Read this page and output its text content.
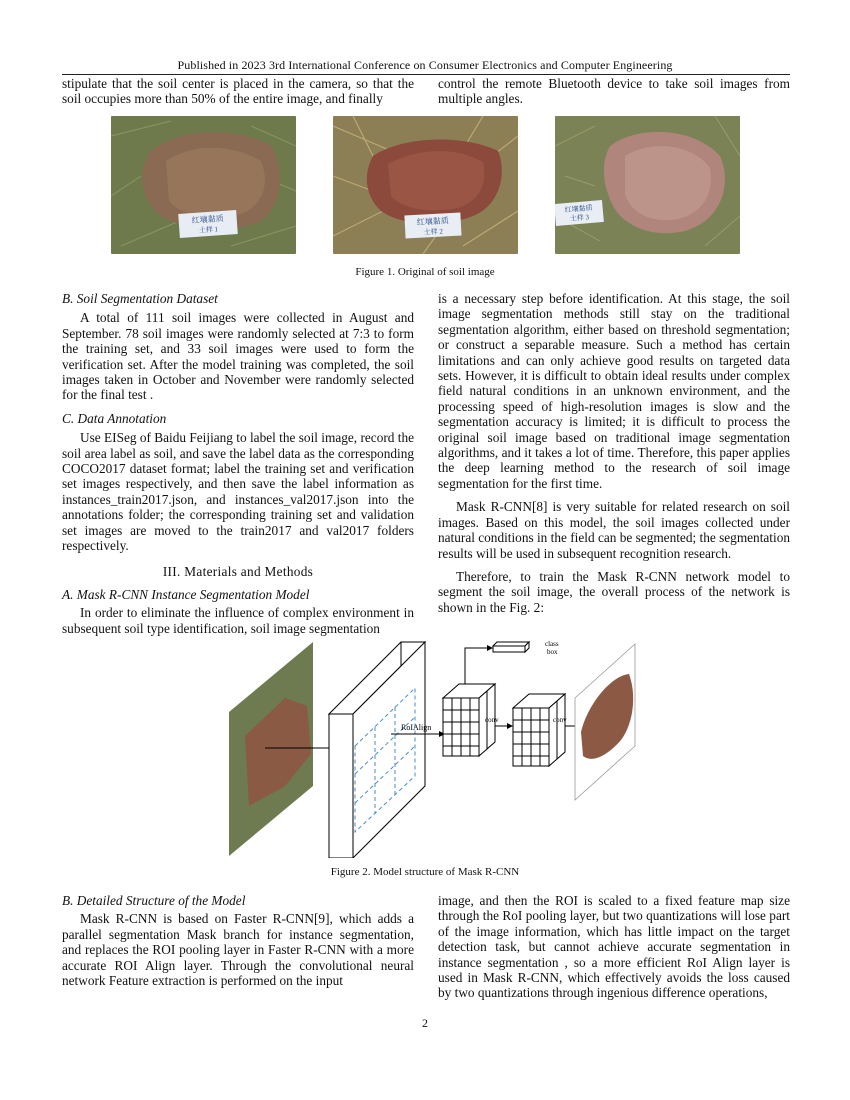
Published in 2023 3rd International Conference on Consumer Electronics and Computer Engineering

stipulate that the soil center is placed in the camera, so that the soil occupies more than 50% of the entire image, and finally

control the remote Bluetooth device to take soil images from multiple angles.

红壤黏质
土样 1
红壤黏质
土样 2
红壤黏质
土样 3
Figure 1. Original of soil image

B. Soil Segmentation Dataset

A total of 111 soil images were collected in August and September. 78 soil images were randomly selected at 7:3 to form the training set, and 33 soil images were used to form the verification set. After the model training was completed, the soil images taken in October and November were randomly selected for the final test .

C. Data Annotation

Use EISeg of Baidu Feijiang to label the soil image, record the soil area label as soil, and save the label data as the corresponding COCO2017 dataset format; label the training set and verification set images respectively, and then save the label information as instances_train2017.json, and instances_val2017.json into the annotations folder; the corresponding training set and validation set images are moved to the train2017 and val2017 folders respectively.

III. Materials and Methods

A. Mask R-CNN Instance Segmentation Model

In order to eliminate the influence of complex environment in subsequent soil type identification, soil image segmentation

is a necessary step before identification. At this stage, the soil image segmentation methods still stay on the traditional segmentation algorithm, either based on threshold segmentation; or construct a separable measure. Such a method has certain limitations and can only achieve good results on targeted data sets. However, it is difficult to obtain ideal results under complex field natural conditions in an unknown environment, and the processing speed of high-resolution images is slow and the segmentation accuracy is limited; it is difficult to process the original soil image based on traditional image segmentation algorithms, and it takes a lot of time. Therefore, this paper applies the deep learning method to the research of soil image segmentation for the first time.

Mask R-CNN[8] is very suitable for related research on soil images. Based on this model, the soil images collected under natural conditions in the field can be segmented; the segmentation results will be used in subsequent recognition research.

Therefore, to train the Mask R-CNN network model to segment the soil image, the overall process of the network is shown in the Fig. 2:

RoIAlign
class
box
conv	conv
Figure 2. Model structure of Mask R-CNN

B. Detailed Structure of the Model

Mask R-CNN is based on Faster R-CNN[9], which adds a parallel segmentation Mask branch for instance segmentation, and replaces the ROI pooling layer in Faster R-CNN with a more accurate ROI Align layer. Through the convolutional neural network Feature extraction is performed on the input

image, and then the ROI is scaled to a fixed feature map size through the RoI pooling layer, but two quantizations will lose part of the image information, which has little impact on the target detection task, but cannot achieve accurate segmentation in instance segmentation , so a more efficient RoI Align layer is used in Mask R-CNN, which effectively avoids the loss caused by two quantizations through ingenious difference operations,

2
